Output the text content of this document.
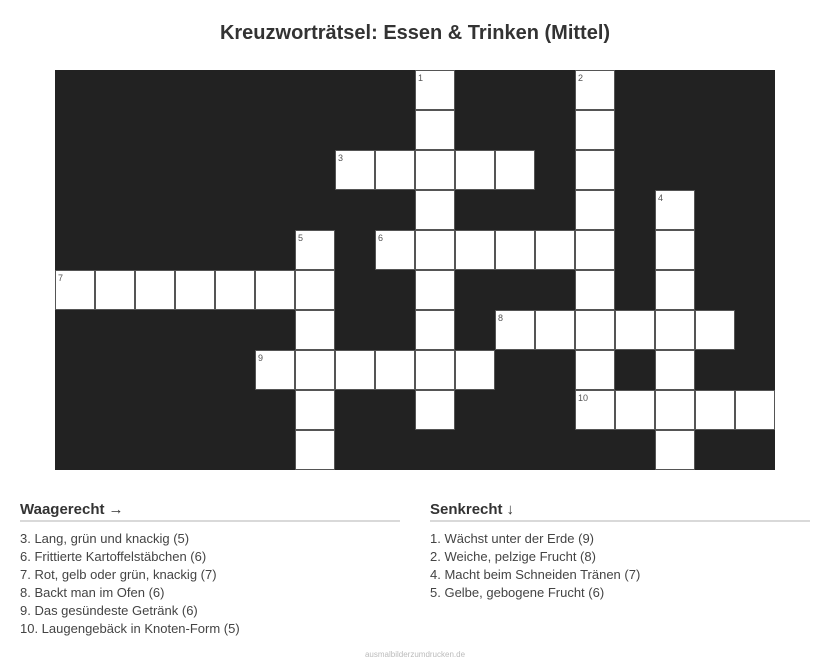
Kreuzworträtsel: Essen & Trinken (Mittel)
1	2
3
4
5	6
7
8
9
10
Waagerecht →
3. Lang, grün und knackig (5)
6. Frittierte Kartoffelstäbchen (6)
7. Rot, gelb oder grün, knackig (7)
8. Backt man im Ofen (6)
9. Das gesündeste Getränk (6)
10. Laugengebäck in Knoten-Form (5)
Senkrecht ↓
1. Wächst unter der Erde (9)
2. Weiche, pelzige Frucht (8)
4. Macht beim Schneiden Tränen (7)
5. Gelbe, gebogene Frucht (6)
ausmalbilderzumdrucken.de
